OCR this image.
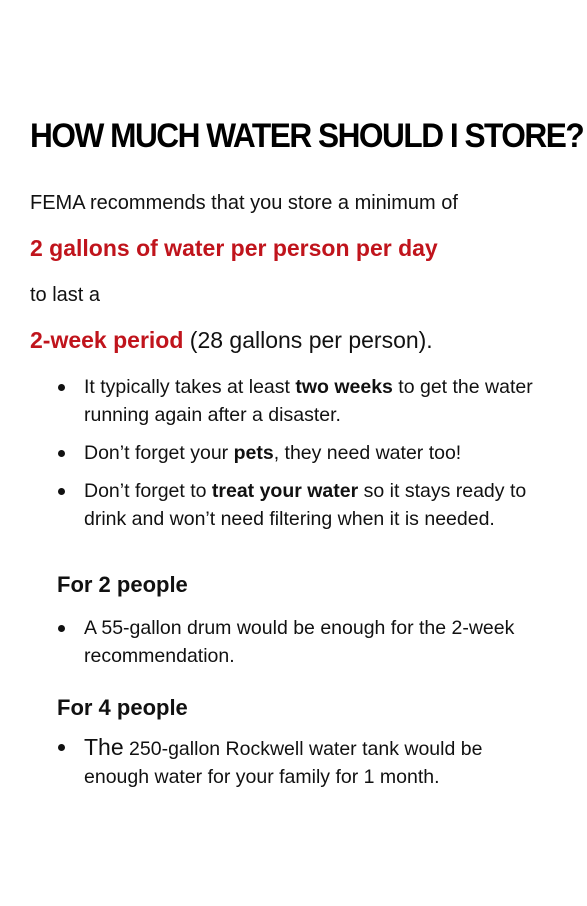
HOW MUCH WATER SHOULD I STORE?

FEMA recommends that you store a minimum of

2 gallons of water per person per day

to last a

2-week period (28 gallons per person).

It typically takes at least two weeks to get the water running again after a disaster.
Don’t forget your pets, they need water too!
Don’t forget to treat your water so it stays ready to drink and won’t need filtering when it is needed.
For 2 people
A 55-gallon drum would be enough for the 2-week recommendation.
For 4 people
The 250-gallon Rockwell water tank would be enough water for your family for 1 month.
